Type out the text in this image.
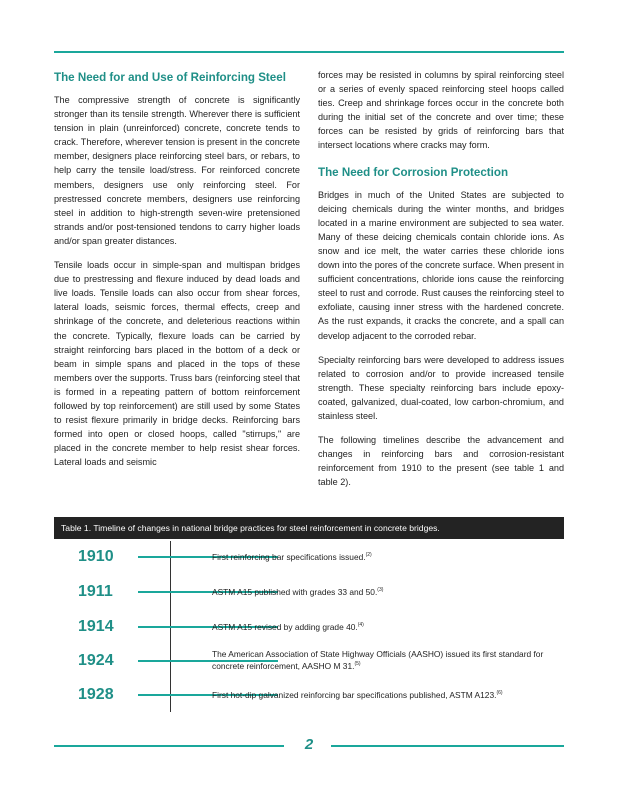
The Need for and Use of Reinforcing Steel

The compressive strength of concrete is significantly stronger than its tensile strength. Wherever there is sufficient tension in plain (unreinforced) concrete, concrete tends to crack. Therefore, wherever tension is present in the concrete member, designers place reinforcing steel bars, or rebars, to help carry the tensile load/stress. For reinforced concrete members, designers use only reinforcing steel. For prestressed concrete members, designers use reinforcing steel in addition to high-strength seven-wire pretensioned strands and/or post-tensioned tendons to carry higher loads and/or span greater distances.

Tensile loads occur in simple-span and multispan bridges due to prestressing and flexure induced by dead loads and live loads. Tensile loads can also occur from shear forces, lateral loads, seismic forces, thermal effects, creep and shrinkage of the concrete, and deleterious reactions within the concrete. Typically, flexure loads can be carried by straight reinforcing bars placed in the bottom of a deck or beam in simple spans and placed in the tops of these members over the supports. Truss bars (reinforcing steel that is formed in a repeating pattern of bottom reinforcement followed by top reinforcement) are still used by some States to resist flexure primarily in bridge decks. Reinforcing bars formed into open or closed hoops, called "stirrups," are placed in the concrete member to help resist shear forces. Lateral loads and seismic

forces may be resisted in columns by spiral reinforcing steel or a series of evenly spaced reinforcing steel hoops called ties. Creep and shrinkage forces occur in the concrete both during the initial set of the concrete and over time; these forces can be resisted by grids of reinforcing bars that intersect locations where cracks may form.

The Need for Corrosion Protection

Bridges in much of the United States are subjected to deicing chemicals during the winter months, and bridges located in a marine environment are subjected to sea water. Many of these deicing chemicals contain chloride ions. As snow and ice melt, the water carries these chloride ions down into the pores of the concrete surface. When present in sufficient concentrations, chloride ions cause the reinforcing steel to rust and corrode. Rust causes the reinforcing steel to exfoliate, causing inner stress with the hardened concrete. As the rust expands, it cracks the concrete, and a spall can develop adjacent to the corroded rebar.

Specialty reinforcing bars were developed to address issues related to corrosion and/or to provide increased tensile strength. These specialty reinforcing bars include epoxy-coated, galvanized, dual-coated, low carbon-chromium, and stainless steel.

The following timelines describe the advancement and changes in reinforcing bars and corrosion-resistant reinforcement from 1910 to the present (see table 1 and table 2).

Table 1. Timeline of changes in national bridge practices for steel reinforcement in concrete bridges.
1910	First reinforcing bar specifications issued.$^{(2)}$
1911	ASTM A15 published with grades 33 and 50.$^{(3)}$
1914	ASTM A15 revised by adding grade 40.$^{(4)}$
1924	The American Association of State Highway Officials (AASHO) issued its first standard for concrete reinforcement, AASHO M 31.$^{(5)}$
1928	First hot-dip galvanized reinforcing bar specifications published, ASTM A123.$^{(6)}$
2
